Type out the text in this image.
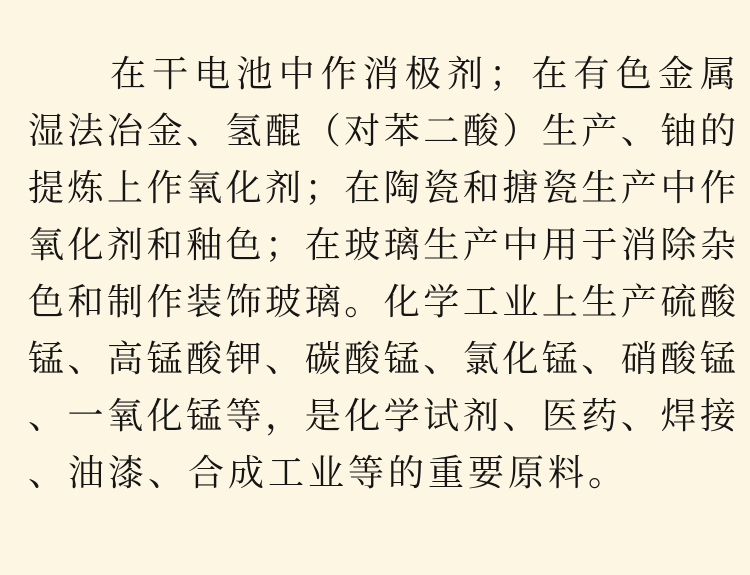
在干电池中作消极剂；在有色金属
湿法冶金、氢醌（对苯二酸）生产、铀的
提炼上作氧化剂；在陶瓷和搪瓷生产中作
氧化剂和釉色；在玻璃生产中用于消除杂
色和制作装饰玻璃。化学工业上生产硫酸
锰、高锰酸钾、碳酸锰、氯化锰、硝酸锰
、一氧化锰等，是化学试剂、医药、焊接
、油漆、合成工业等的重要原料。
